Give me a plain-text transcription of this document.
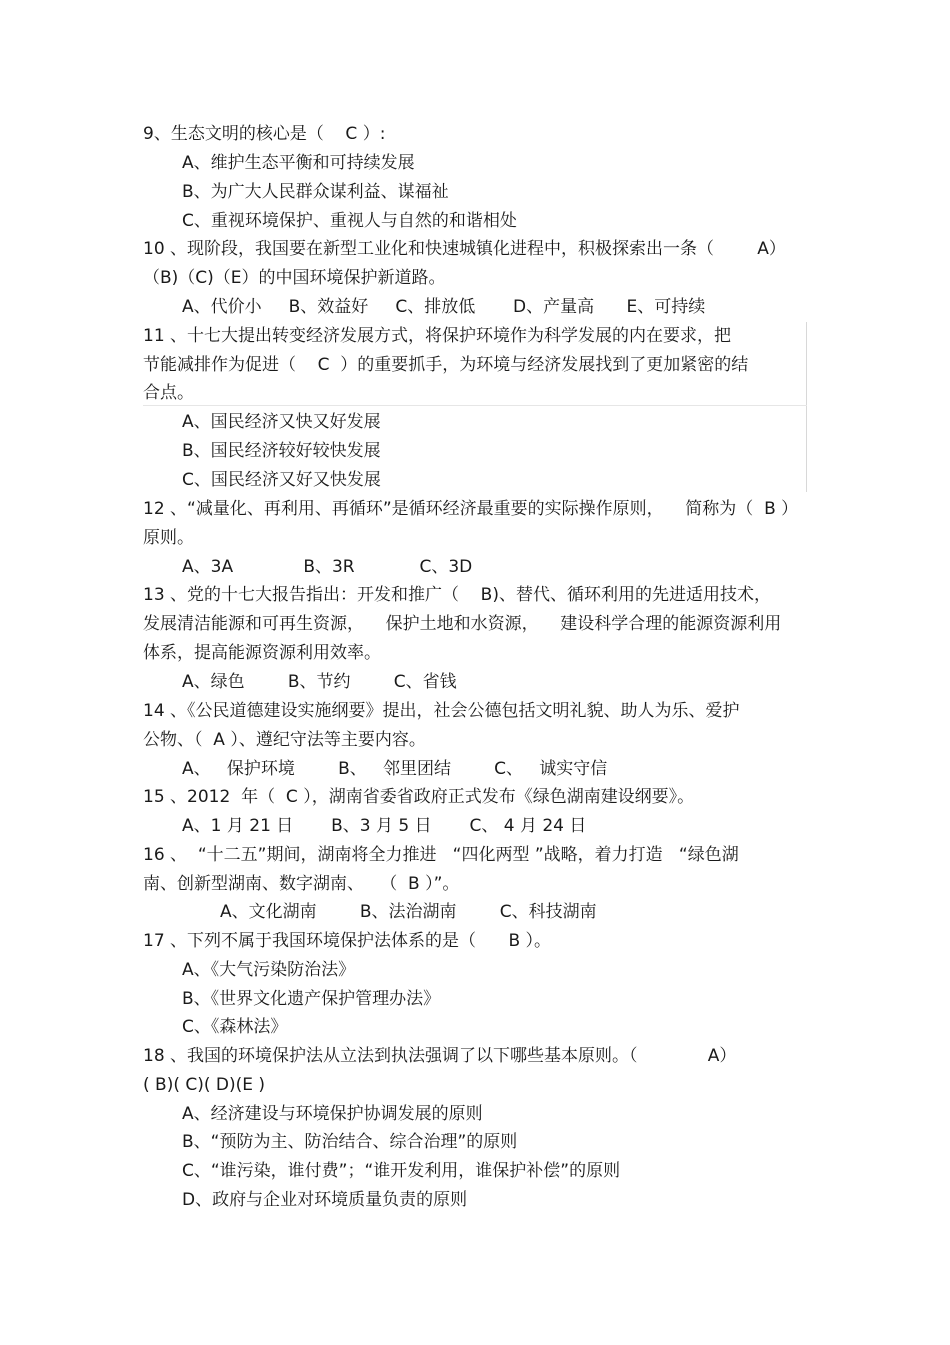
9、生态文明的核心是（    C ）:
A、维护生态平衡和可持续发展
B、为广大人民群众谋利益、谋福祉
C、重视环境保护、重视人与自然的和谐相处
10 、现阶段，我国要在新型工业化和快速城镇化进程中，积极探索出一条（        A）
（B)（C)（E）的中国环境保护新道路。
A、代价小     B、效益好     C、排放低       D、产量高      E、可持续
11 、十七大提出转变经济发展方式，将保护环境作为科学发展的内在要求，把
节能减排作为促进（    C  ）的重要抓手，为环境与经济发展找到了更加紧密的结
合点。
A、国民经济又快又好发展
B、国民经济较好较快发展
C、国民经济又好又快发展
12 、“减量化、再利用、再循环”是循环经济最重要的实际操作原则，    简称为（  B ）
原则。
A、3A             B、3R            C、3D
13 、党的十七大报告指出：开发和推广（    B)、替代、循环利用的先进适用技术，
发展清洁能源和可再生资源，    保护土地和水资源，    建设科学合理的能源资源利用
体系，提高能源资源利用效率。
A、绿色        B、节约        C、省钱
14 、《公民道德建设实施纲要》提出，社会公德包括文明礼貌、助人为乐、爱护
公物、（  A ）、遵纪守法等主要内容。
A、   保护环境        B、   邻里团结        C、   诚实守信
15 、2012  年（  C ），湖南省委省政府正式发布《绿色湖南建设纲要》。
A、1 月 21 日       B、3 月 5 日       C、 4 月 24 日
16 、  “十二五”期间，湖南将全力推进   “四化两型 ”战略，着力打造   “绿色湖
南、创新型湖南、数字湖南、   （  B ）”。
A、文化湖南        B、法治湖南        C、科技湖南
17 、下列不属于我国环境保护法体系的是（      B ）。
A、《大气污染防治法》
B、《世界文化遗产保护管理办法》
C、《森林法》
18 、我国的环境保护法从立法到执法强调了以下哪些基本原则。（             A）
( B)( C)( D)(E )
A、经济建设与环境保护协调发展的原则
B、“预防为主、防治结合、综合治理”的原则
C、“谁污染，谁付费”；“谁开发利用，谁保护补偿”的原则
D、政府与企业对环境质量负责的原则
